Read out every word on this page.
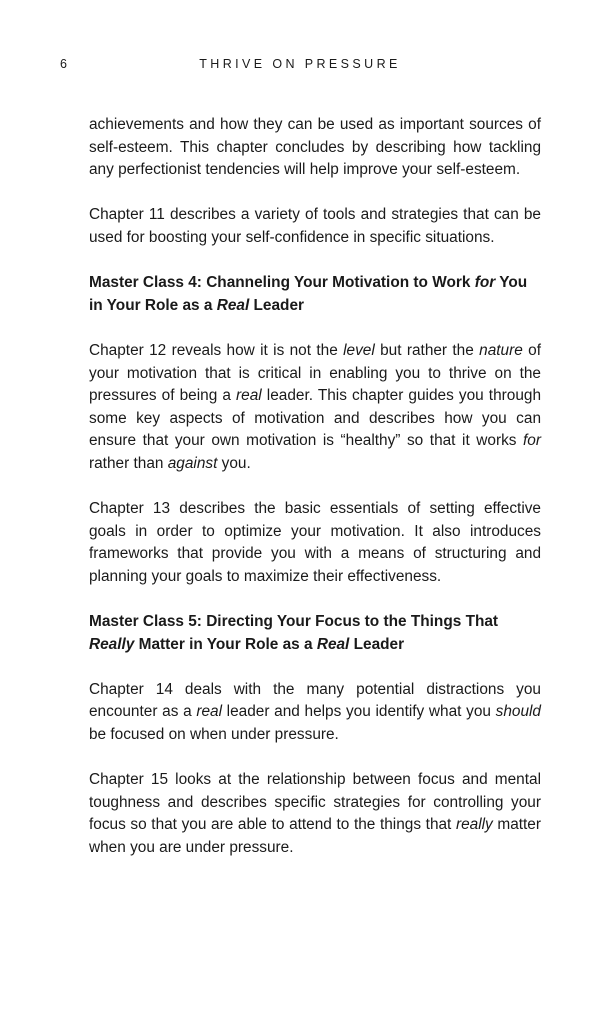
6	THRIVE ON PRESSURE

achievements and how they can be used as important sources of self-esteem. This chapter concludes by describing how tackling any perfectionist tendencies will help improve your self-esteem.

Chapter 11 describes a variety of tools and strategies that can be used for boosting your self-confidence in specific situations.

Master Class 4: Channeling Your Motivation to Work for You in Your Role as a Real Leader

Chapter 12 reveals how it is not the level but rather the nature of your motivation that is critical in enabling you to thrive on the pressures of being a real leader. This chapter guides you through some key aspects of motivation and describes how you can ensure that your own motivation is “healthy” so that it works for rather than against you.

Chapter 13 describes the basic essentials of setting effective goals in order to optimize your motivation. It also introduces frameworks that provide you with a means of structuring and planning your goals to maximize their effectiveness.

Master Class 5: Directing Your Focus to the Things That Really Matter in Your Role as a Real Leader

Chapter 14 deals with the many potential distractions you encounter as a real leader and helps you identify what you should be focused on when under pressure.

Chapter 15 looks at the relationship between focus and mental toughness and describes specific strategies for controlling your focus so that you are able to attend to the things that really matter when you are under pressure.
